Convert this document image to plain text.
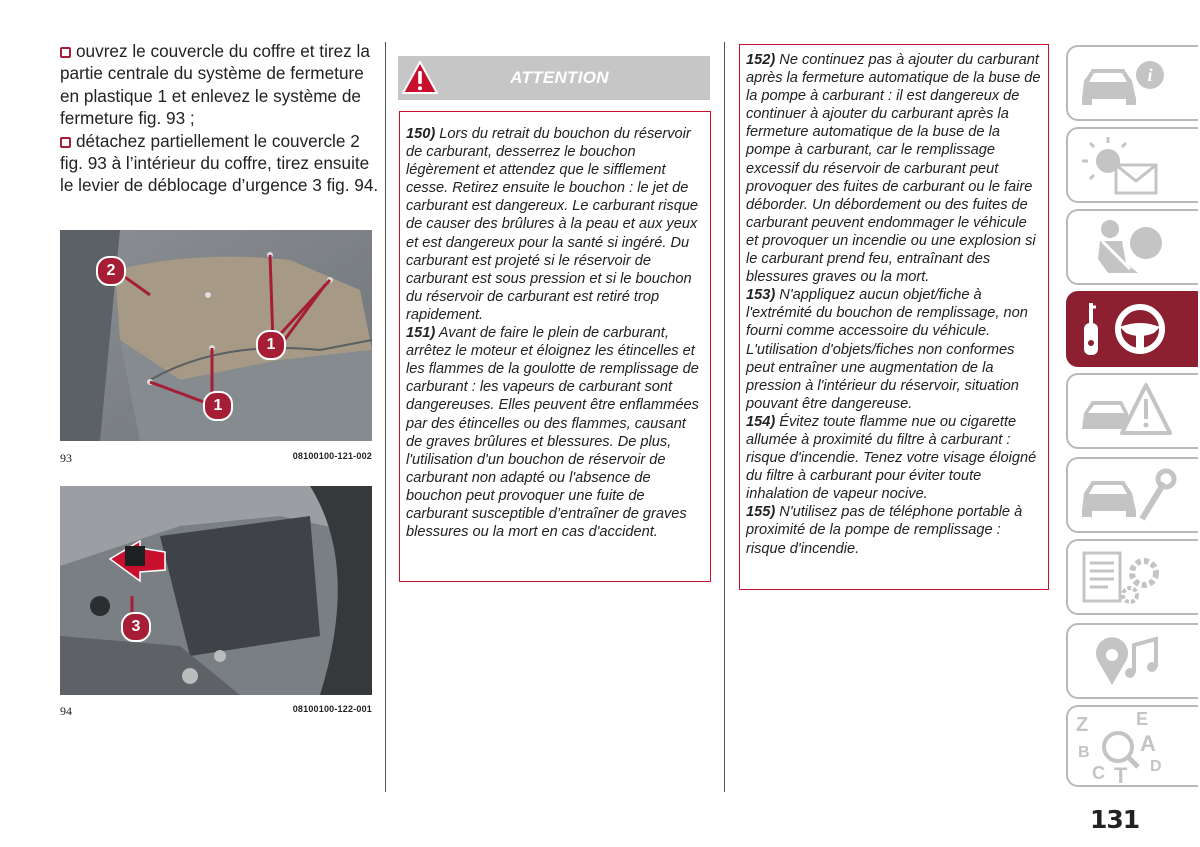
ouvrez le couvercle du coffre et tirez la partie centrale du système de fermeture en plastique 1 et enlevez le système de fermeture fig. 93 ;

détachez partiellement le couvercle 2 fig. 93 à l’intérieur du coffre, tirez ensuite le levier de déblocage d’urgence 3 fig. 94.

2
1
1
93	08100100-121-002
3
94	08100100-122-001
ATTENTION

150) Lors du retrait du bouchon du réservoir de carburant, desserrez le bouchon légèrement et attendez que le sifflement cesse. Retirez ensuite le bouchon : le jet de carburant est dangereux. Le carburant risque de causer des brûlures à la peau et aux yeux et est dangereux pour la santé si ingéré. Du carburant est projeté si le réservoir de carburant est sous pression et si le bouchon du réservoir de carburant est retiré trop rapidement.

151) Avant de faire le plein de carburant, arrêtez le moteur et éloignez les étincelles et les flammes de la goulotte de remplissage de carburant : les vapeurs de carburant sont dangereuses. Elles peuvent être enflammées par des étincelles ou des flammes, causant de graves brûlures et blessures. De plus, l'utilisation d'un bouchon de réservoir de carburant non adapté ou l'absence de bouchon peut provoquer une fuite de carburant susceptible d’entraîner de graves blessures ou la mort en cas d'accident.

152) Ne continuez pas à ajouter du carburant après la fermeture automatique de la buse de la pompe à carburant : il est dangereux de continuer à ajouter du carburant après la fermeture automatique de la buse de la pompe à carburant, car le remplissage excessif du réservoir de carburant peut provoquer des fuites de carburant ou le faire déborder. Un débordement ou des fuites de carburant peuvent endommager le véhicule et provoquer un incendie ou une explosion si le carburant prend feu, entraînant des blessures graves ou la mort.

153) N'appliquez aucun objet/fiche à l'extrémité du bouchon de remplissage, non fourni comme accessoire du véhicule. L'utilisation d'objets/fiches non conformes peut entraîner une augmentation de la pression à l'intérieur du réservoir, situation pouvant être dangereuse.

154) Évitez toute flamme nue ou cigarette allumée à proximité du filtre à carburant : risque d'incendie. Tenez votre visage éloigné du filtre à carburant pour éviter toute inhalation de vapeur nocive.

155) N'utilisez pas de téléphone portable à proximité de la pompe de remplissage : risque d'incendie.

i
Z	E
B A
C T D
131
